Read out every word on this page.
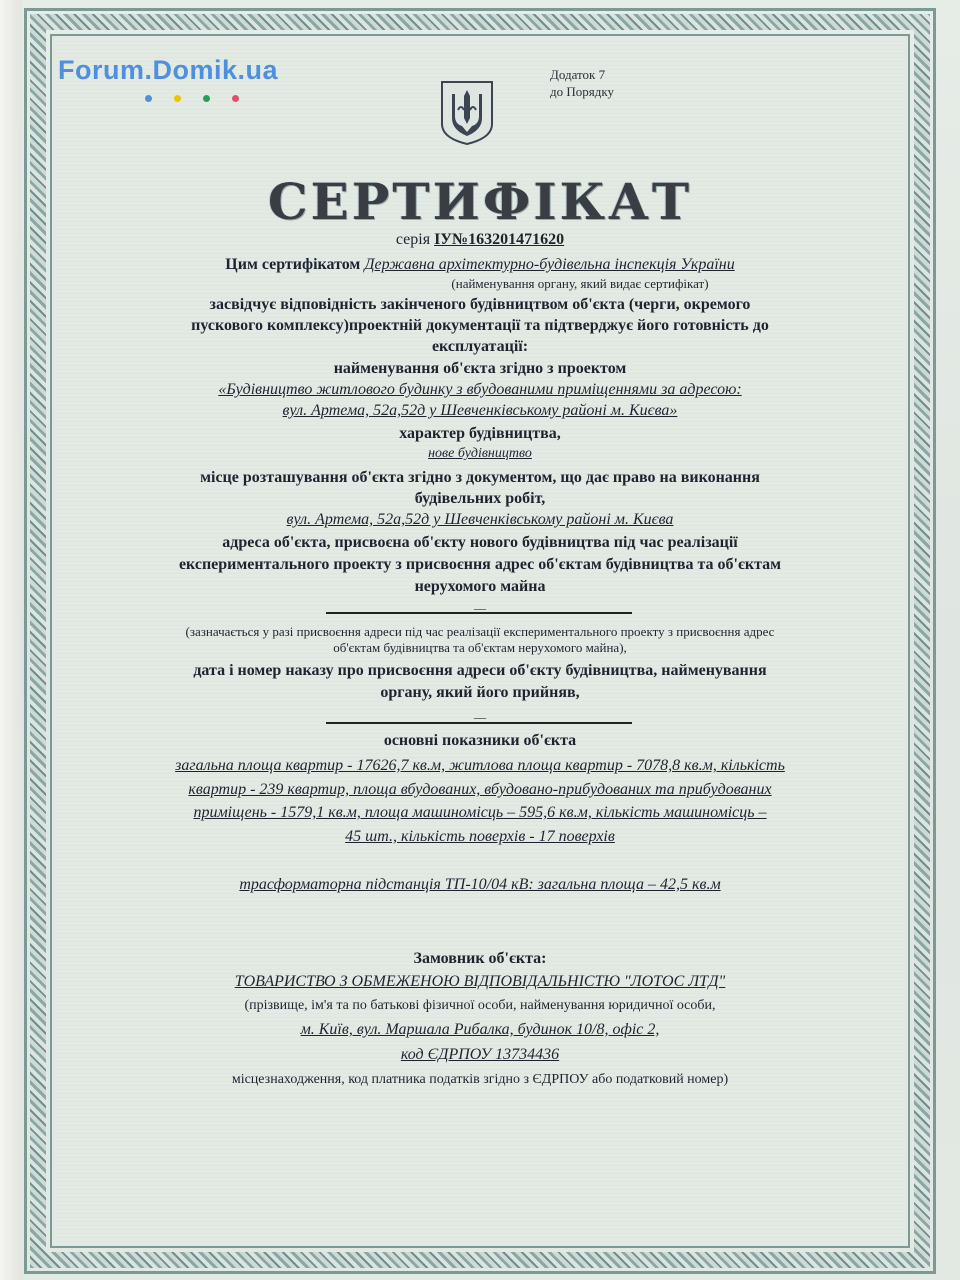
Forum.Domik.ua	Додаток 7
до Порядку
СЕРТИФІКАТ
серія ІУ№163201471620
Цим сертифікатом Державна архітектурно-будівельна інспекція України
(найменування органу, який видає сертифікат)
засвідчує відповідність закінченого будівництвом об'єкта (черги, окремого
пускового комплексу)проектній документації та підтверджує його готовність до
експлуатації:
найменування об'єкта згідно з проектом
«Будівництво житлового будинку з вбудованими приміщеннями за адресою:
вул. Артема, 52а,52д у Шевченківському районі м. Києва»
характер будівництва,
нове будівництво
місце розташування об'єкта згідно з документом, що дає право на виконання
будівельних робіт,
вул. Артема, 52а,52д у Шевченківському районі м. Києва
адреса об'єкта, присвоєна об'єкту нового будівництва під час реалізації
експериментального проекту з присвоєння адрес об'єктам будівництва та об'єктам
нерухомого майна
—
(зазначається у разі присвоєння адреси під час реалізації експериментального проекту з присвоєння адрес
об'єктам будівництва та об'єктам нерухомого майна),
дата і номер наказу про присвоєння адреси об'єкту будівництва, найменування
органу, який його прийняв,
—
основні показники об'єкта
загальна площа квартир - 17626,7 кв.м, житлова площа квартир - 7078,8 кв.м, кількість
квартир - 239 квартир, площа вбудованих, вбудовано-прибудованих та прибудованих
приміщень - 1579,1 кв.м, площа машиномісць – 595,6 кв.м, кількість машиномісць –
45 шт., кількість поверхів - 17 поверхів
трасформаторна підстанція ТП-10/04 кВ: загальна площа – 42,5 кв.м
Замовник об'єкта:
ТОВАРИСТВО З ОБМЕЖЕНОЮ ВІДПОВІДАЛЬНІСТЮ "ЛОТОС ЛТД"
(прізвище, ім'я та по батькові фізичної особи, найменування юридичної особи,
м. Київ, вул. Маршала Рибалка, будинок 10/8, офіс 2,
код ЄДРПОУ 13734436
місцезнаходження, код платника податків згідно з ЄДРПОУ або податковий номер)
